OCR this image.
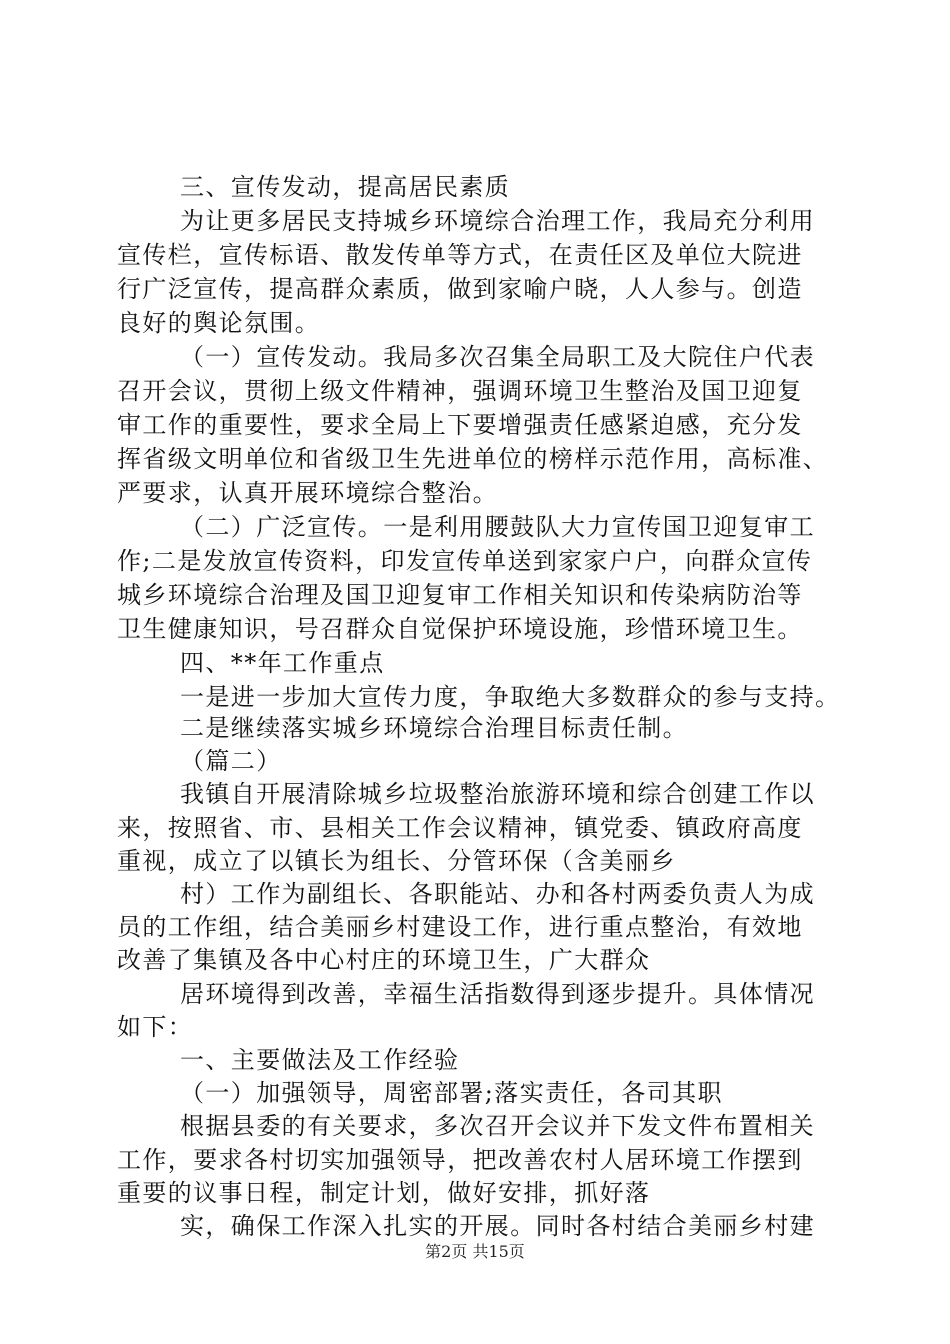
三、宣传发动，提高居民素质
为让更多居民支持城乡环境综合治理工作，我局充分利用
宣传栏，宣传标语、散发传单等方式，在责任区及单位大院进
行广泛宣传，提高群众素质，做到家喻户晓，人人参与。创造
良好的舆论氛围。
（一）宣传发动。我局多次召集全局职工及大院住户代表
召开会议，贯彻上级文件精神，强调环境卫生整治及国卫迎复
审工作的重要性，要求全局上下要增强责任感紧迫感，充分发
挥省级文明单位和省级卫生先进单位的榜样示范作用，高标准、
严要求，认真开展环境综合整治。
（二）广泛宣传。一是利用腰鼓队大力宣传国卫迎复审工
作;二是发放宣传资料，印发宣传单送到家家户户，向群众宣传
城乡环境综合治理及国卫迎复审工作相关知识和传染病防治等
卫生健康知识，号召群众自觉保护环境设施，珍惜环境卫生。
四、**年工作重点
一是进一步加大宣传力度，争取绝大多数群众的参与支持。
二是继续落实城乡环境综合治理目标责任制。
（篇二）
我镇自开展清除城乡垃圾整治旅游环境和综合创建工作以
来，按照省、市、县相关工作会议精神，镇党委、镇政府高度
重视，成立了以镇长为组长、分管环保（含美丽乡
村）工作为副组长、各职能站、办和各村两委负责人为成
员的工作组，结合美丽乡村建设工作，进行重点整治，有效地
改善了集镇及各中心村庄的环境卫生，广大群众
居环境得到改善，幸福生活指数得到逐步提升。具体情况
如下：
一、主要做法及工作经验
（一）加强领导，周密部署;落实责任，各司其职
根据县委的有关要求，多次召开会议并下发文件布置相关
工作，要求各村切实加强领导，把改善农村人居环境工作摆到
重要的议事日程，制定计划，做好安排，抓好落
实，确保工作深入扎实的开展。同时各村结合美丽乡村建
第2页 共15页
